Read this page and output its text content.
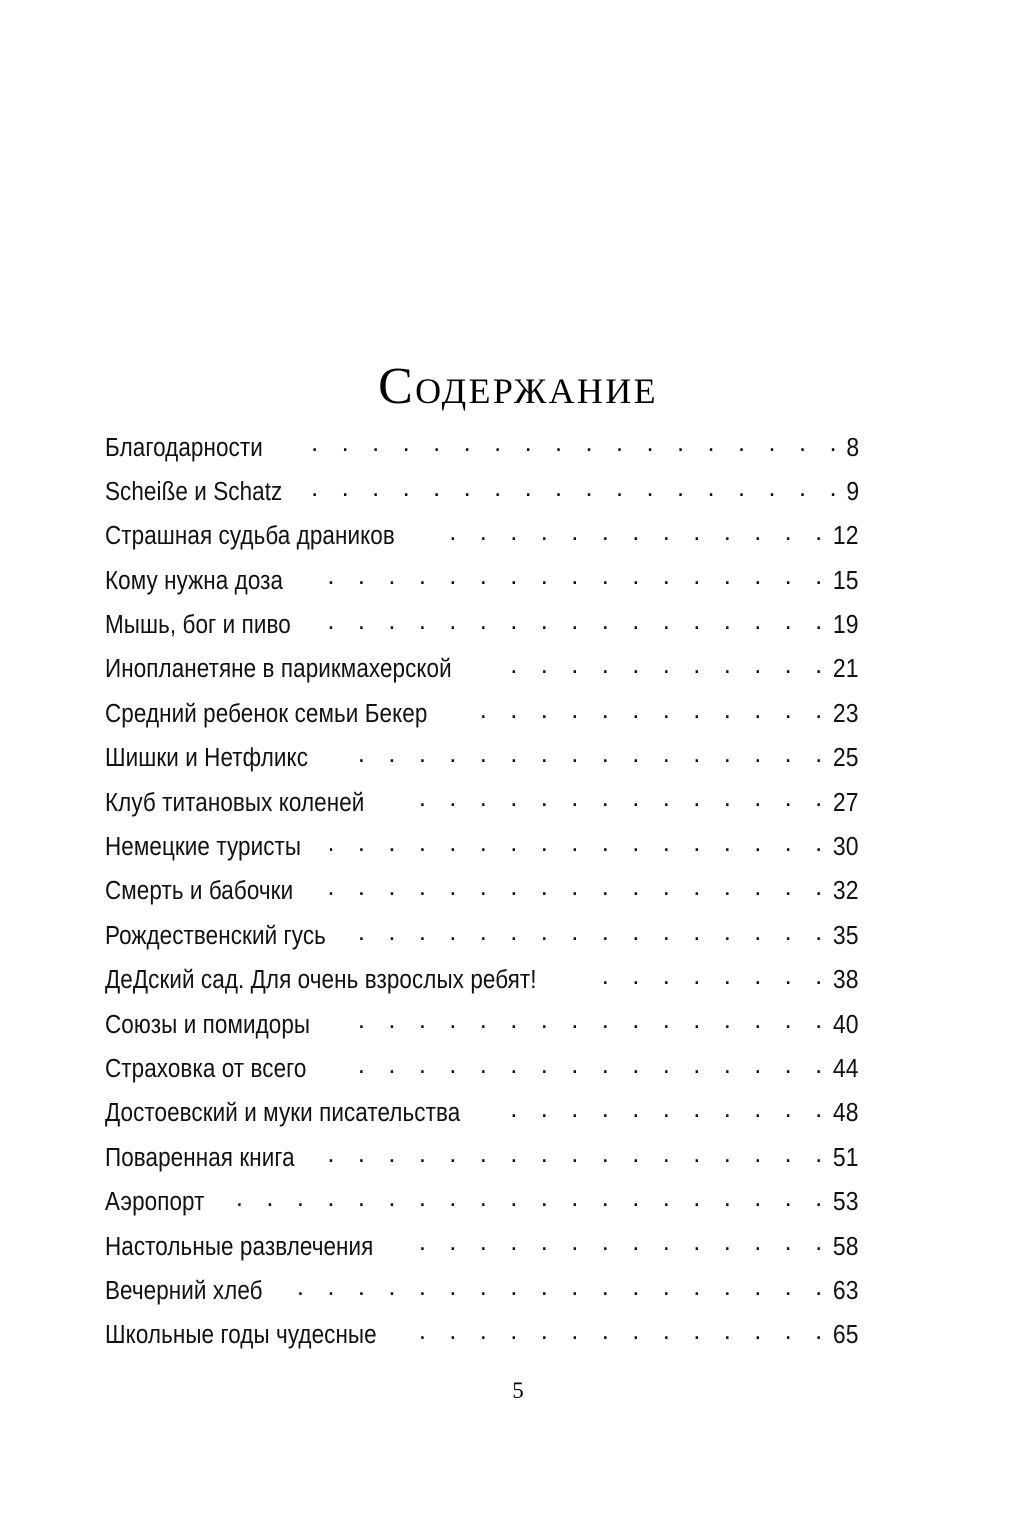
Содержание
Благодарности . . .	8
Scheiße и Schatz . . .	9
Страшная судьба драников . . .	12
Кому нужна доза . . .	15
Мышь, бог и пиво . . .	19
Инопланетяне в парикмахерской . . .	21
Средний ребенок семьи Бекер . . .	23
Шишки и Нетфликс . . .	25
Клуб титановых коленей . . .	27
Немецкие туристы . . .	30
Смерть и бабочки . . .	32
Рождественский гусь . . .	35
ДеДский сад. Для очень взрослых ребят! . . .	38
Союзы и помидоры . . .	40
Страховка от всего . . .	44
Достоевский и муки писательства . . .	48
Поваренная книга . . .	51
Аэропорт . . .	53
Настольные развлечения . . .	58
Вечерний хлеб . . .	63
Школьные годы чудесные . . .	65
5
